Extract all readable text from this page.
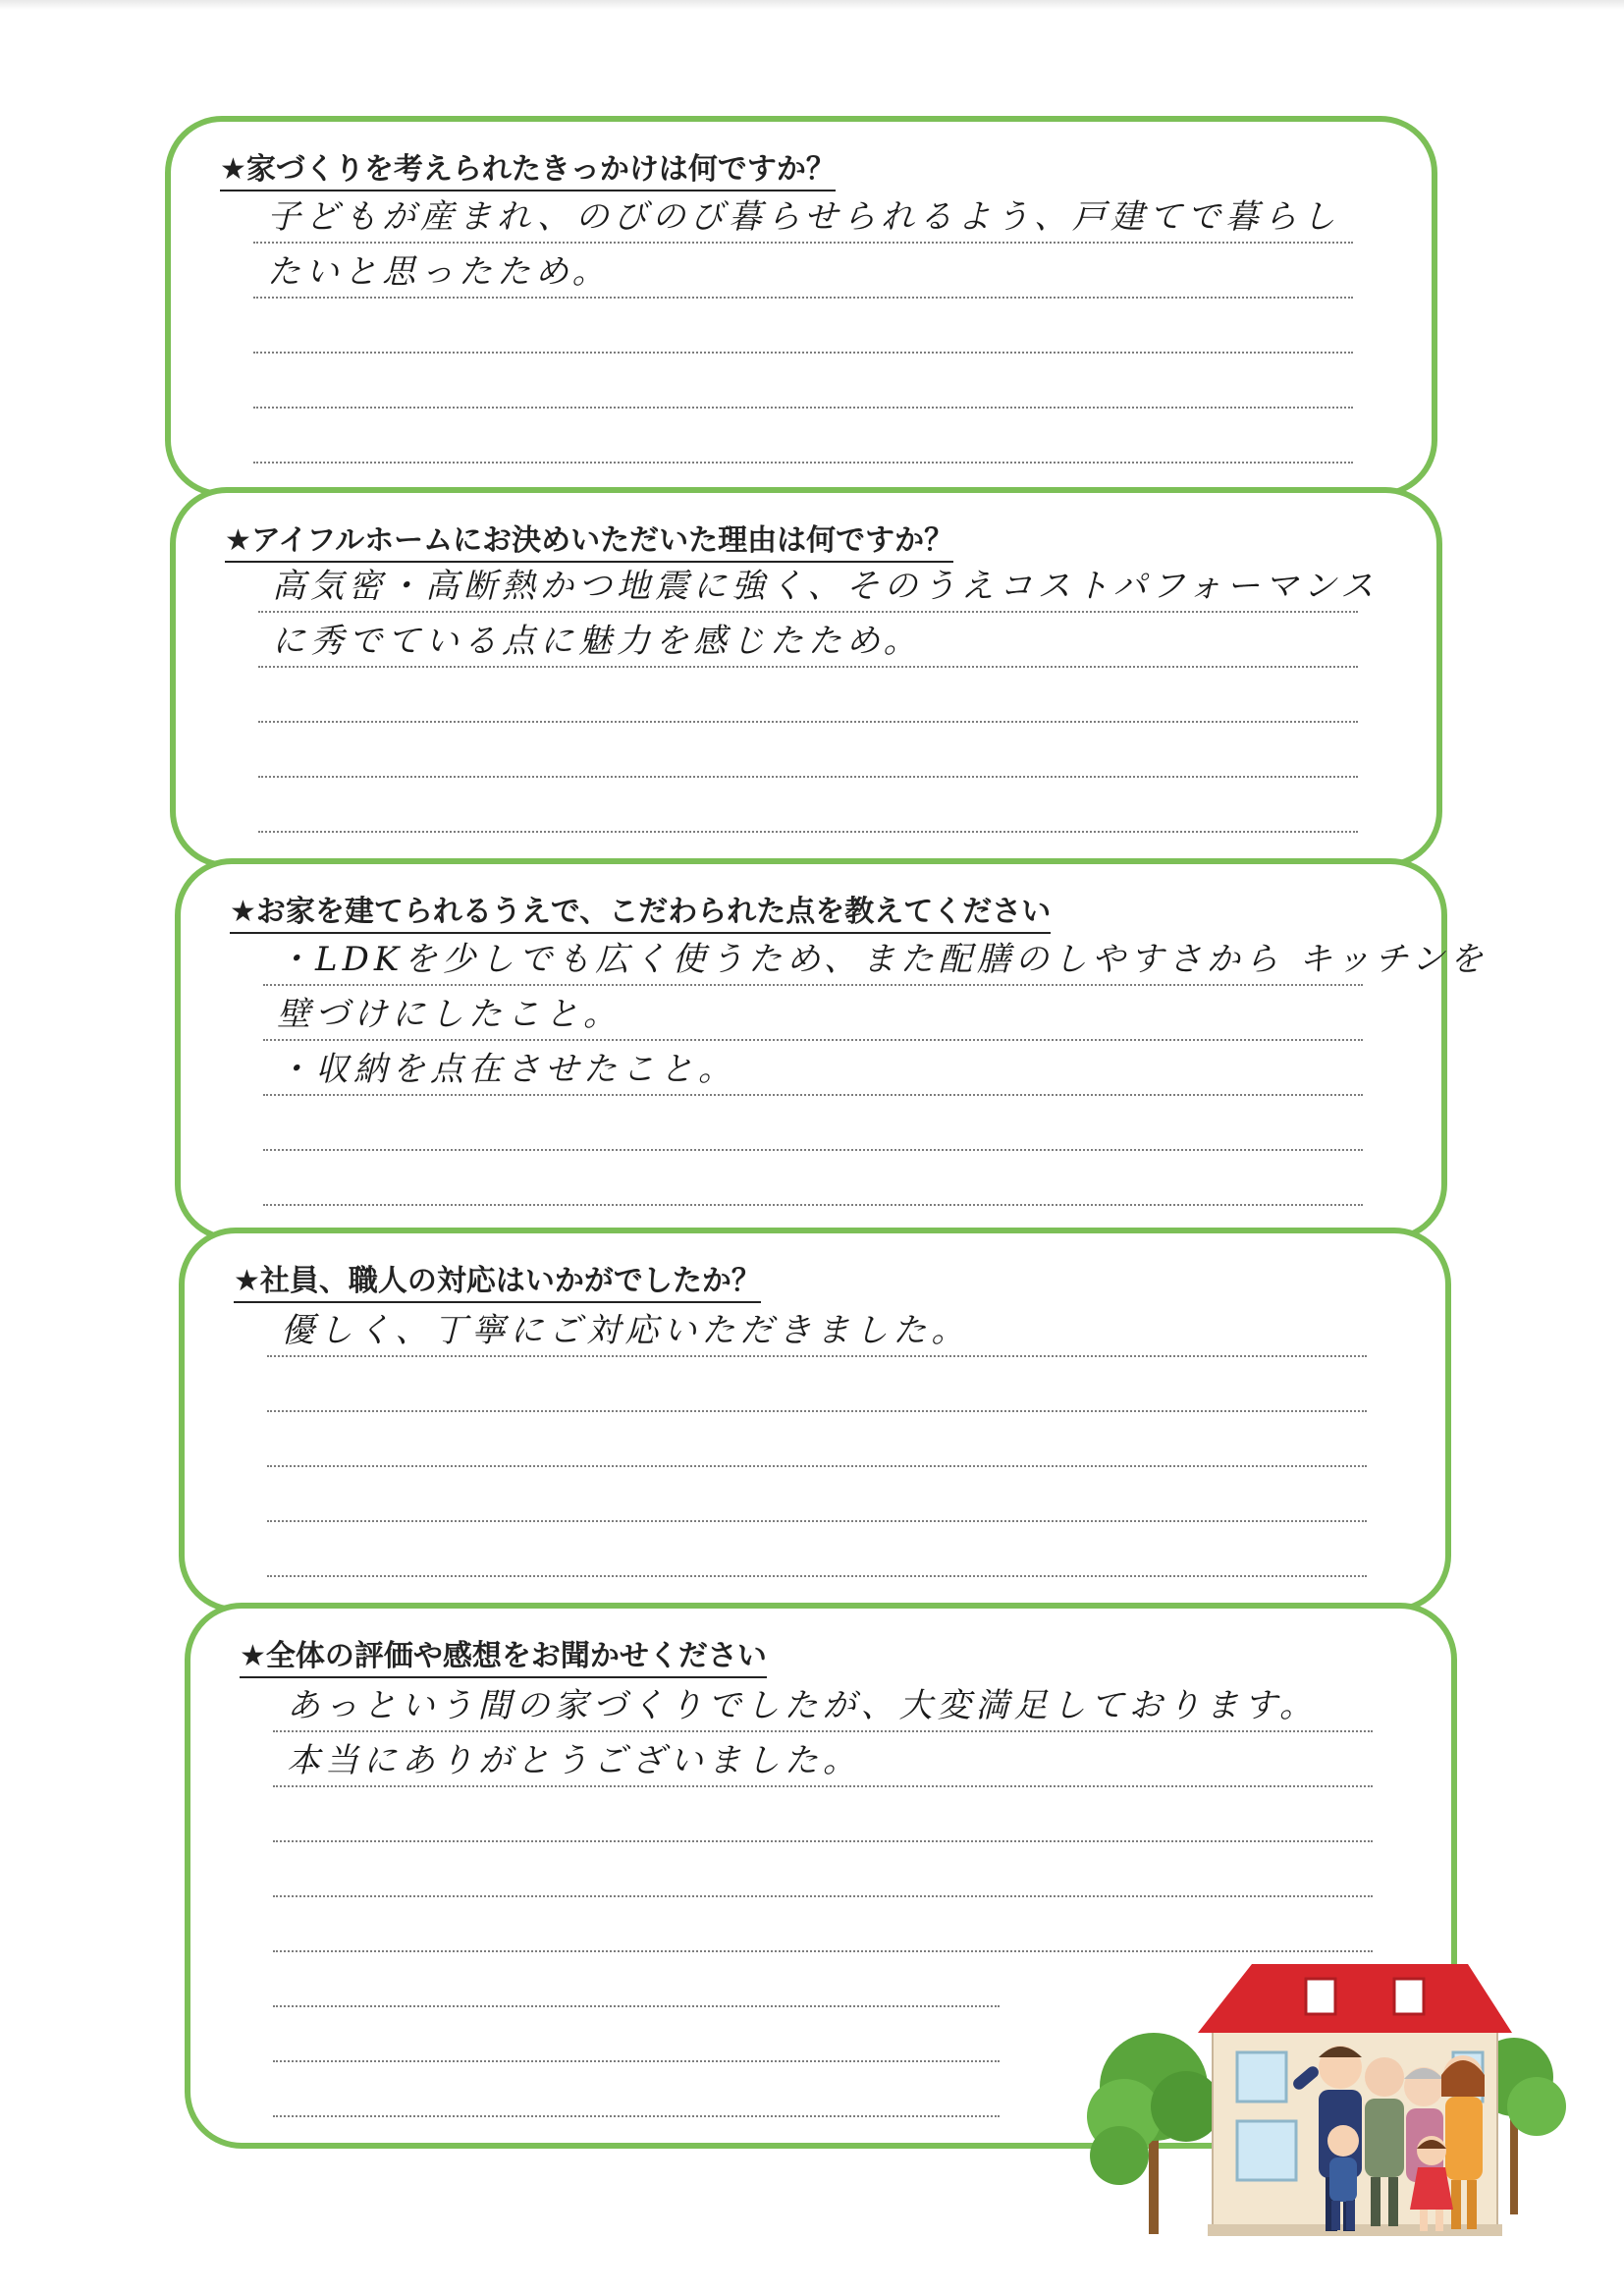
★家づくりを考えられたきっかけは何ですか？
子どもが産まれ、のびのび暮らせられるよう、戸建てで暮らし
たいと思ったため。
★アイフルホームにお決めいただいた理由は何ですか？
高気密・高断熱かつ地震に強く、そのうえコストパフォーマンス
に秀でている点に魅力を感じたため。
★お家を建てられるうえで、こだわられた点を教えてください
・LDKを少しでも広く使うため、また配膳のしやすさから キッチンを
壁づけにしたこと。
・収納を点在させたこと。
★社員、職人の対応はいかがでしたか？
優しく、丁寧にご対応いただきました。
★全体の評価や感想をお聞かせください
あっという間の家づくりでしたが、大変満足しております。
本当にありがとうございました。
